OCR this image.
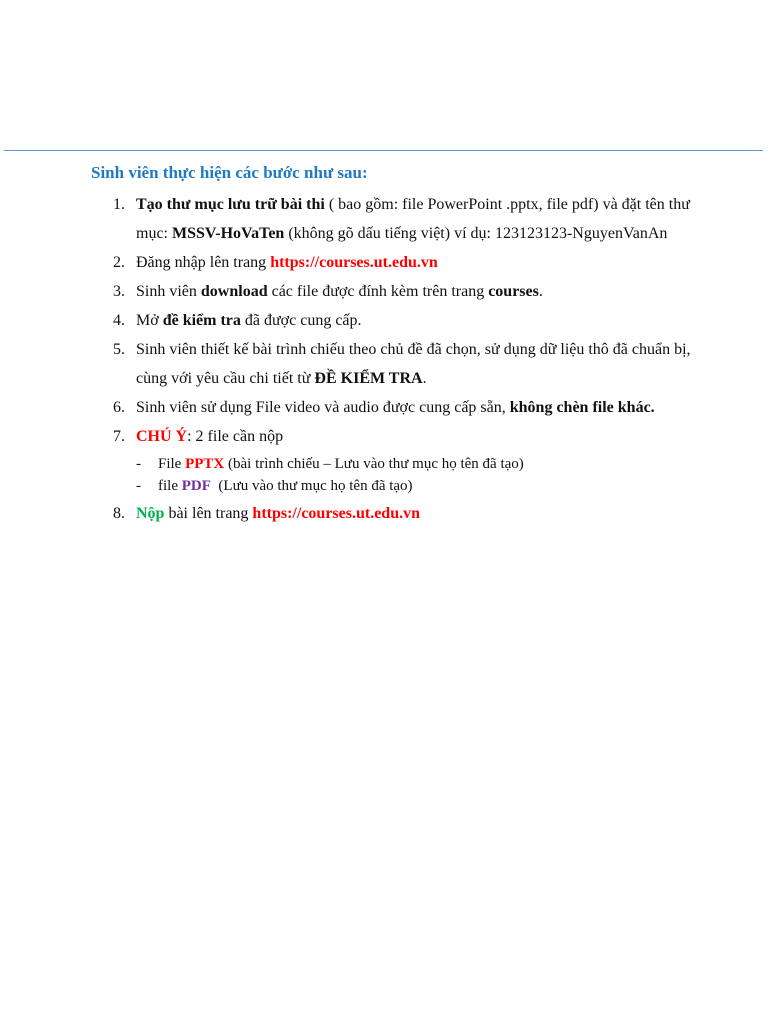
Sinh viên thực hiện các bước như sau:
1. Tạo thư mục lưu trữ bài thi ( bao gồm: file PowerPoint .pptx, file pdf) và đặt tên thư mục: MSSV-HoVaTen (không gõ dấu tiếng việt) ví dụ: 123123123-NguyenVanAn
2. Đăng nhập lên trang https://courses.ut.edu.vn
3. Sinh viên download các file được đính kèm trên trang courses.
4. Mở đề kiểm tra đã được cung cấp.
5. Sinh viên thiết kế bài trình chiếu theo chủ đề đã chọn, sử dụng dữ liệu thô đã chuẩn bị, cùng với yêu cầu chi tiết từ ĐỀ KIỂM TRA.
6. Sinh viên sử dụng File video và audio được cung cấp sẵn, không chèn file khác.
7. CHÚ Ý: 2 file cần nộp
- File PPTX (bài trình chiếu – Lưu vào thư mục họ tên đã tạo)
- file PDF  (Lưu vào thư mục họ tên đã tạo)
8. Nộp bài lên trang https://courses.ut.edu.vn
